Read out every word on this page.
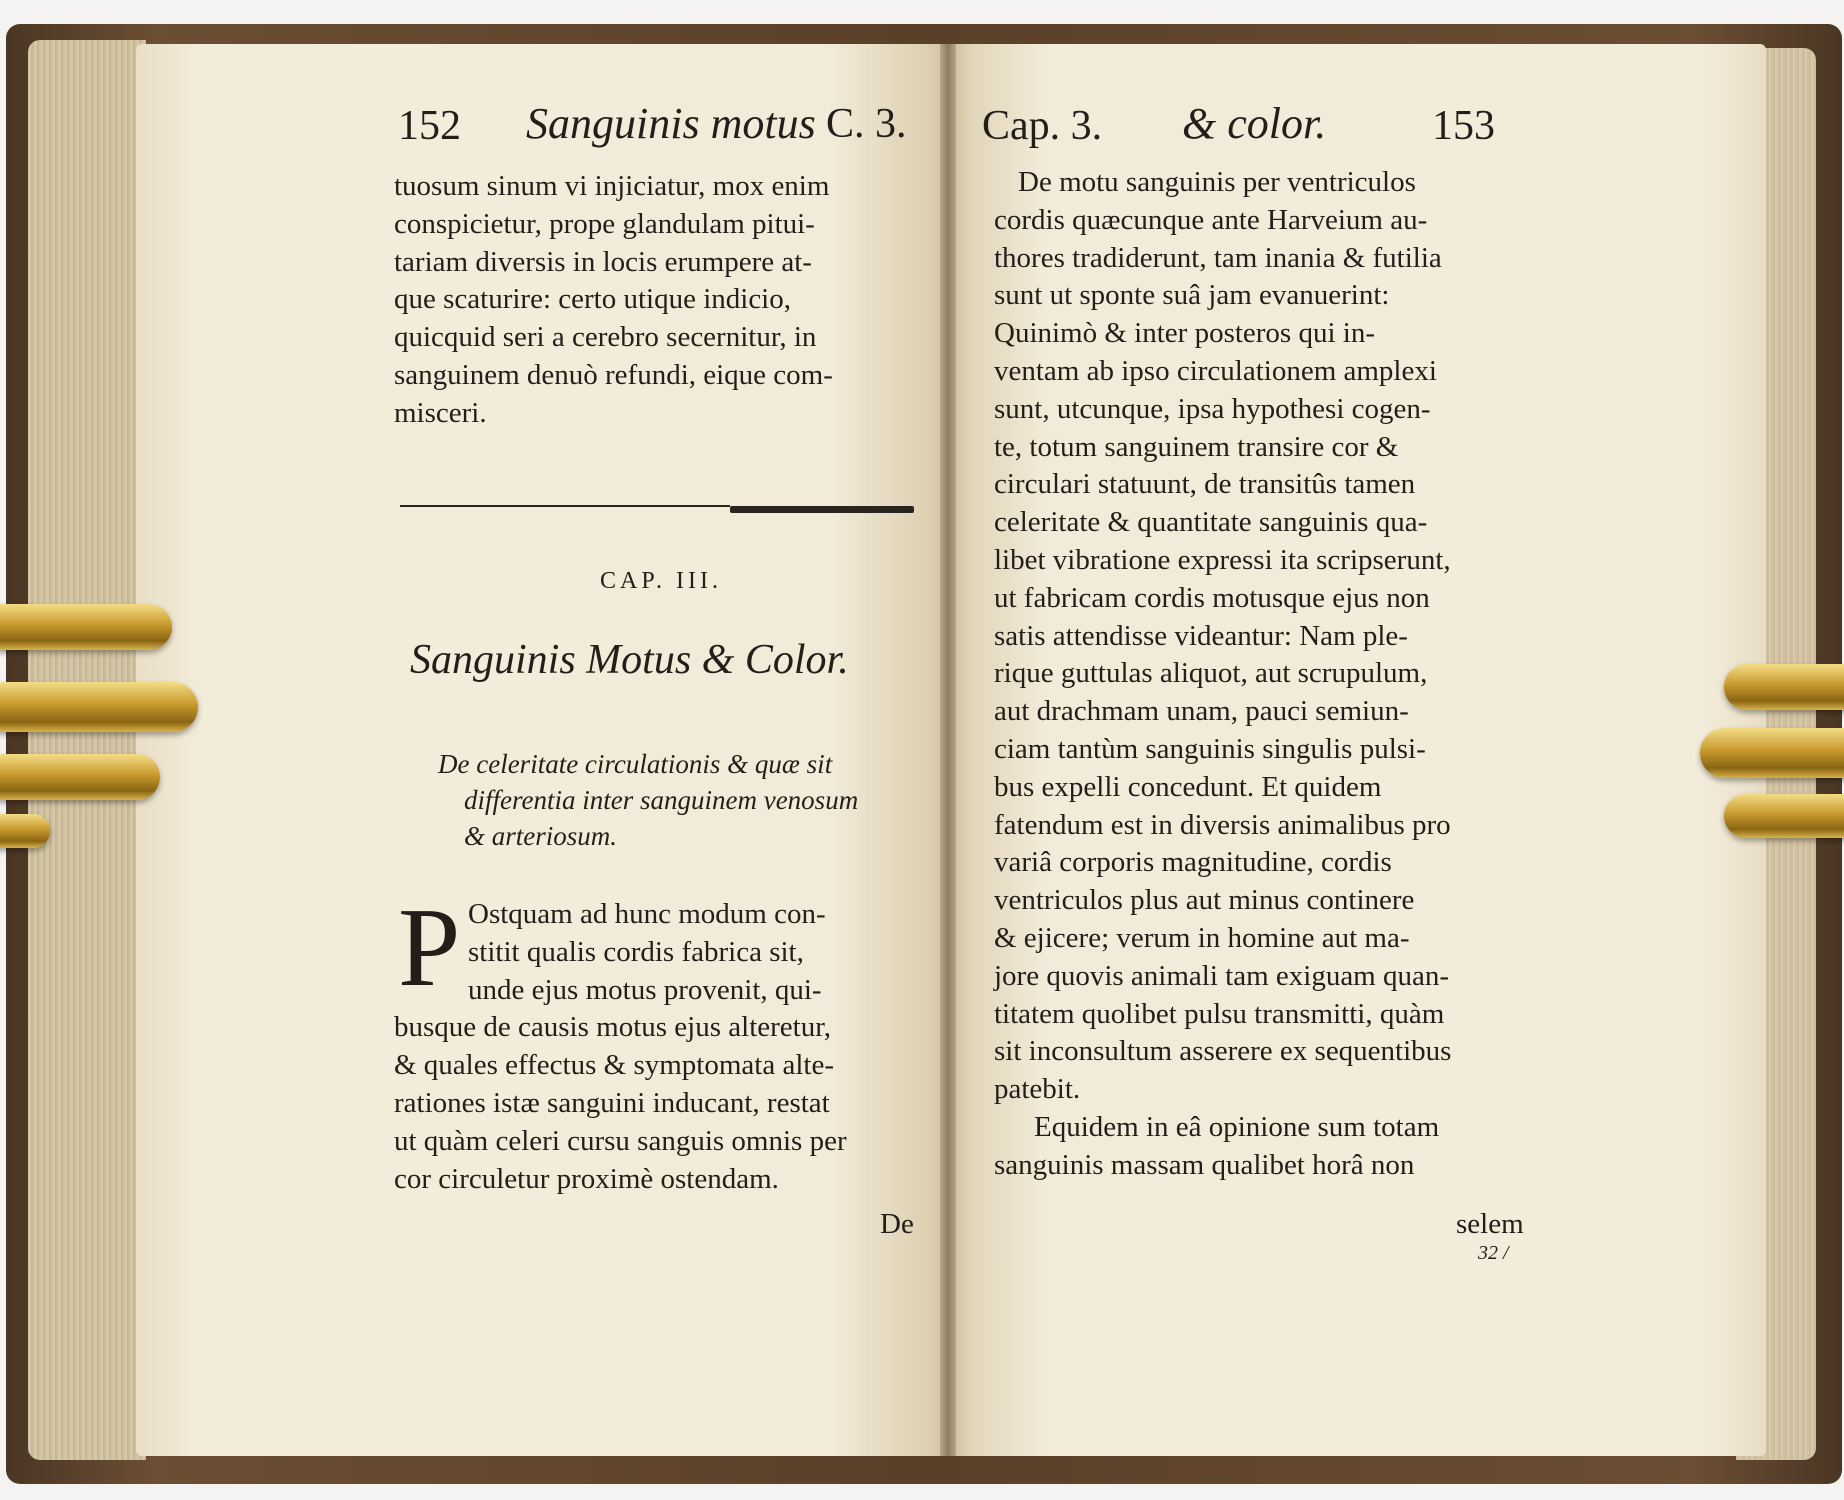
152 Sanguinis motus C. 3.
tuosum sinum vi injiciatur, mox enim
conspicietur, prope glandulam pitui-
tariam diversis in locis erumpere at-
que scaturire: certo utique indicio,
quicquid seri a cerebro secernitur, in
sanguinem denuò refundi, eique com-
misceri.
CAP. III.
Sanguinis Motus & Color.
De celeritate circulationis & quæ sit
differentia inter sanguinem venosum
& arteriosum.
P Ostquam ad hunc modum con-
stitit qualis cordis fabrica sit,
unde ejus motus provenit, qui-
busque de causis motus ejus alteretur,
& quales effectus & symptomata alte-
rationes istæ sanguini inducant, restat
ut quàm celeri cursu sanguis omnis per
cor circuletur proximè ostendam.
De
Cap. 3. & color.	153
De motu sanguinis per ventriculos
cordis quæcunque ante Harveium au-
thores tradiderunt, tam inania & futilia
sunt ut sponte suâ jam evanuerint:
Quinimò & inter posteros qui in-
ventam ab ipso circulationem amplexi
sunt, utcunque, ipsa hypothesi cogen-
te, totum sanguinem transire cor &
circulari statuunt, de transitûs tamen
celeritate & quantitate sanguinis qua-
libet vibratione expressi ita scripserunt,
ut fabricam cordis motusque ejus non
satis attendisse videantur: Nam ple-
rique guttulas aliquot, aut scrupulum,
aut drachmam unam, pauci semiun-
ciam tantùm sanguinis singulis pulsi-
bus expelli concedunt. Et quidem
fatendum est in diversis animalibus pro
variâ corporis magnitudine, cordis
ventriculos plus aut minus continere
& ejicere; verum in homine aut ma-
jore quovis animali tam exiguam quan-
titatem quolibet pulsu transmitti, quàm
sit inconsultum asserere ex sequentibus
patebit.
Equidem in eâ opinione sum totam
sanguinis massam qualibet horâ non
selem
32 /
